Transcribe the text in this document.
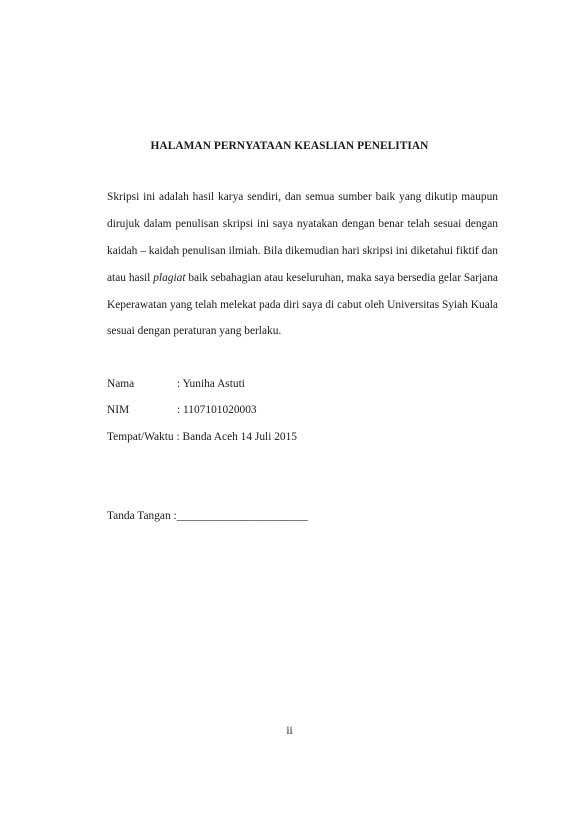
HALAMAN PERNYATAAN KEASLIAN PENELITIAN

Skripsi ini adalah hasil karya sendiri, dan semua sumber baik yang dikutip maupun

dirujuk dalam penulisan skripsi ini saya nyatakan dengan benar telah sesuai dengan

kaidah – kaidah penulisan ilmiah. Bila dikemudian hari skripsi ini diketahui fiktif dan

atau hasil plagiat baik sebahagian atau keseluruhan, maka saya bersedia gelar Sarjana

Keperawatan yang telah melekat pada diri saya di cabut oleh Universitas Syiah Kuala

sesuai dengan peraturan yang berlaku.

Nama	: Yuniha Astuti
NIM	: 1107101020003
Tempat/Waktu : Banda Aceh 14 Juli 2015
Tanda Tangan :_______________________
ii
